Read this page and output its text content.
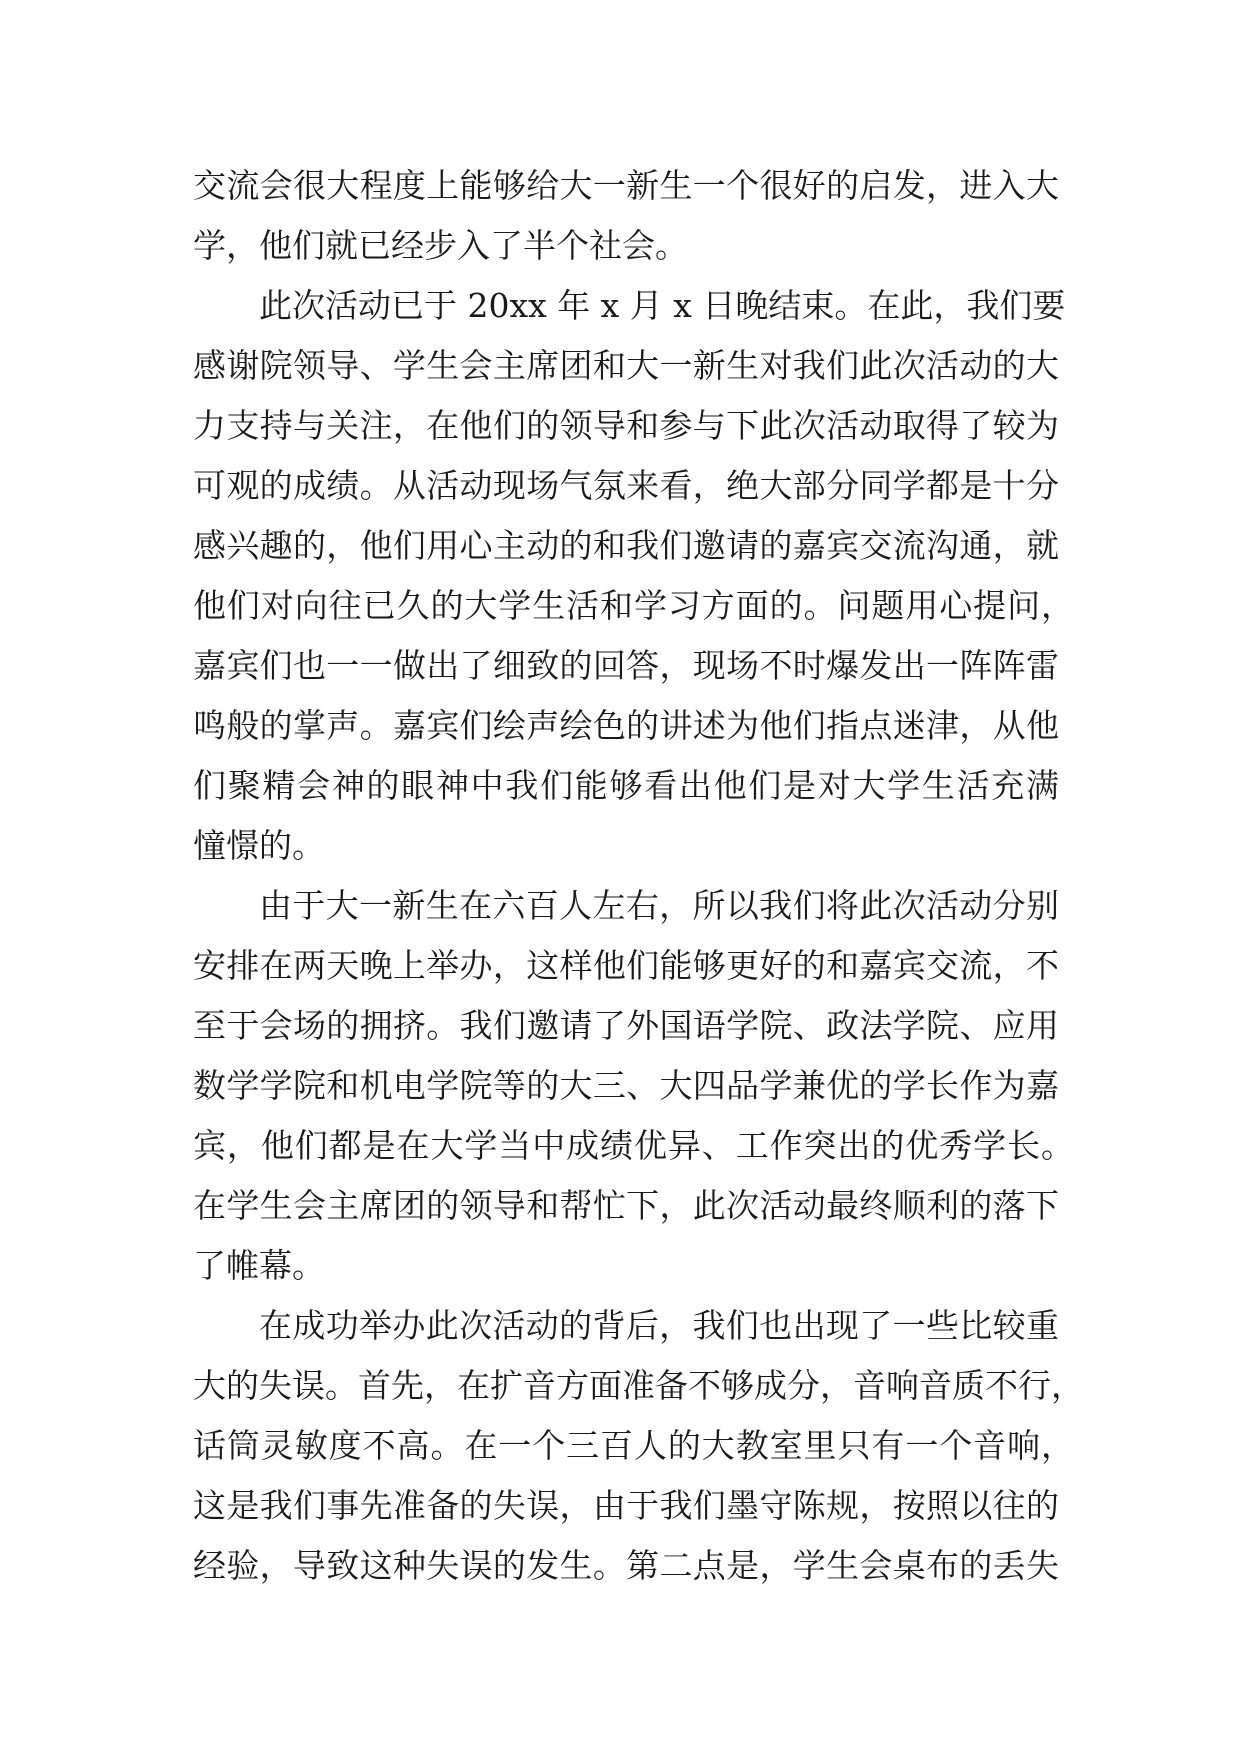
交流会很大程度上能够给大一新生一个很好的启发，进入大
学，他们就已经步入了半个社会。
此次活动已于 20xx 年 x 月 x 日晚结束。在此，我们要
感谢院领导、学生会主席团和大一新生对我们此次活动的大
力支持与关注，在他们的领导和参与下此次活动取得了较为
可观的成绩。从活动现场气氛来看，绝大部分同学都是十分
感兴趣的，他们用心主动的和我们邀请的嘉宾交流沟通，就
他们对向往已久的大学生活和学习方面的。问题用心提问，
嘉宾们也一一做出了细致的回答，现场不时爆发出一阵阵雷
鸣般的掌声。嘉宾们绘声绘色的讲述为他们指点迷津，从他
们聚精会神的眼神中我们能够看出他们是对大学生活充满
憧憬的。
由于大一新生在六百人左右，所以我们将此次活动分别
安排在两天晚上举办，这样他们能够更好的和嘉宾交流，不
至于会场的拥挤。我们邀请了外国语学院、政法学院、应用
数学学院和机电学院等的大三、大四品学兼优的学长作为嘉
宾，他们都是在大学当中成绩优异、工作突出的优秀学长。
在学生会主席团的领导和帮忙下，此次活动最终顺利的落下
了帷幕。
在成功举办此次活动的背后，我们也出现了一些比较重
大的失误。首先，在扩音方面准备不够成分，音响音质不行，
话筒灵敏度不高。在一个三百人的大教室里只有一个音响，
这是我们事先准备的失误，由于我们墨守陈规，按照以往的
经验，导致这种失误的发生。第二点是，学生会桌布的丢失
